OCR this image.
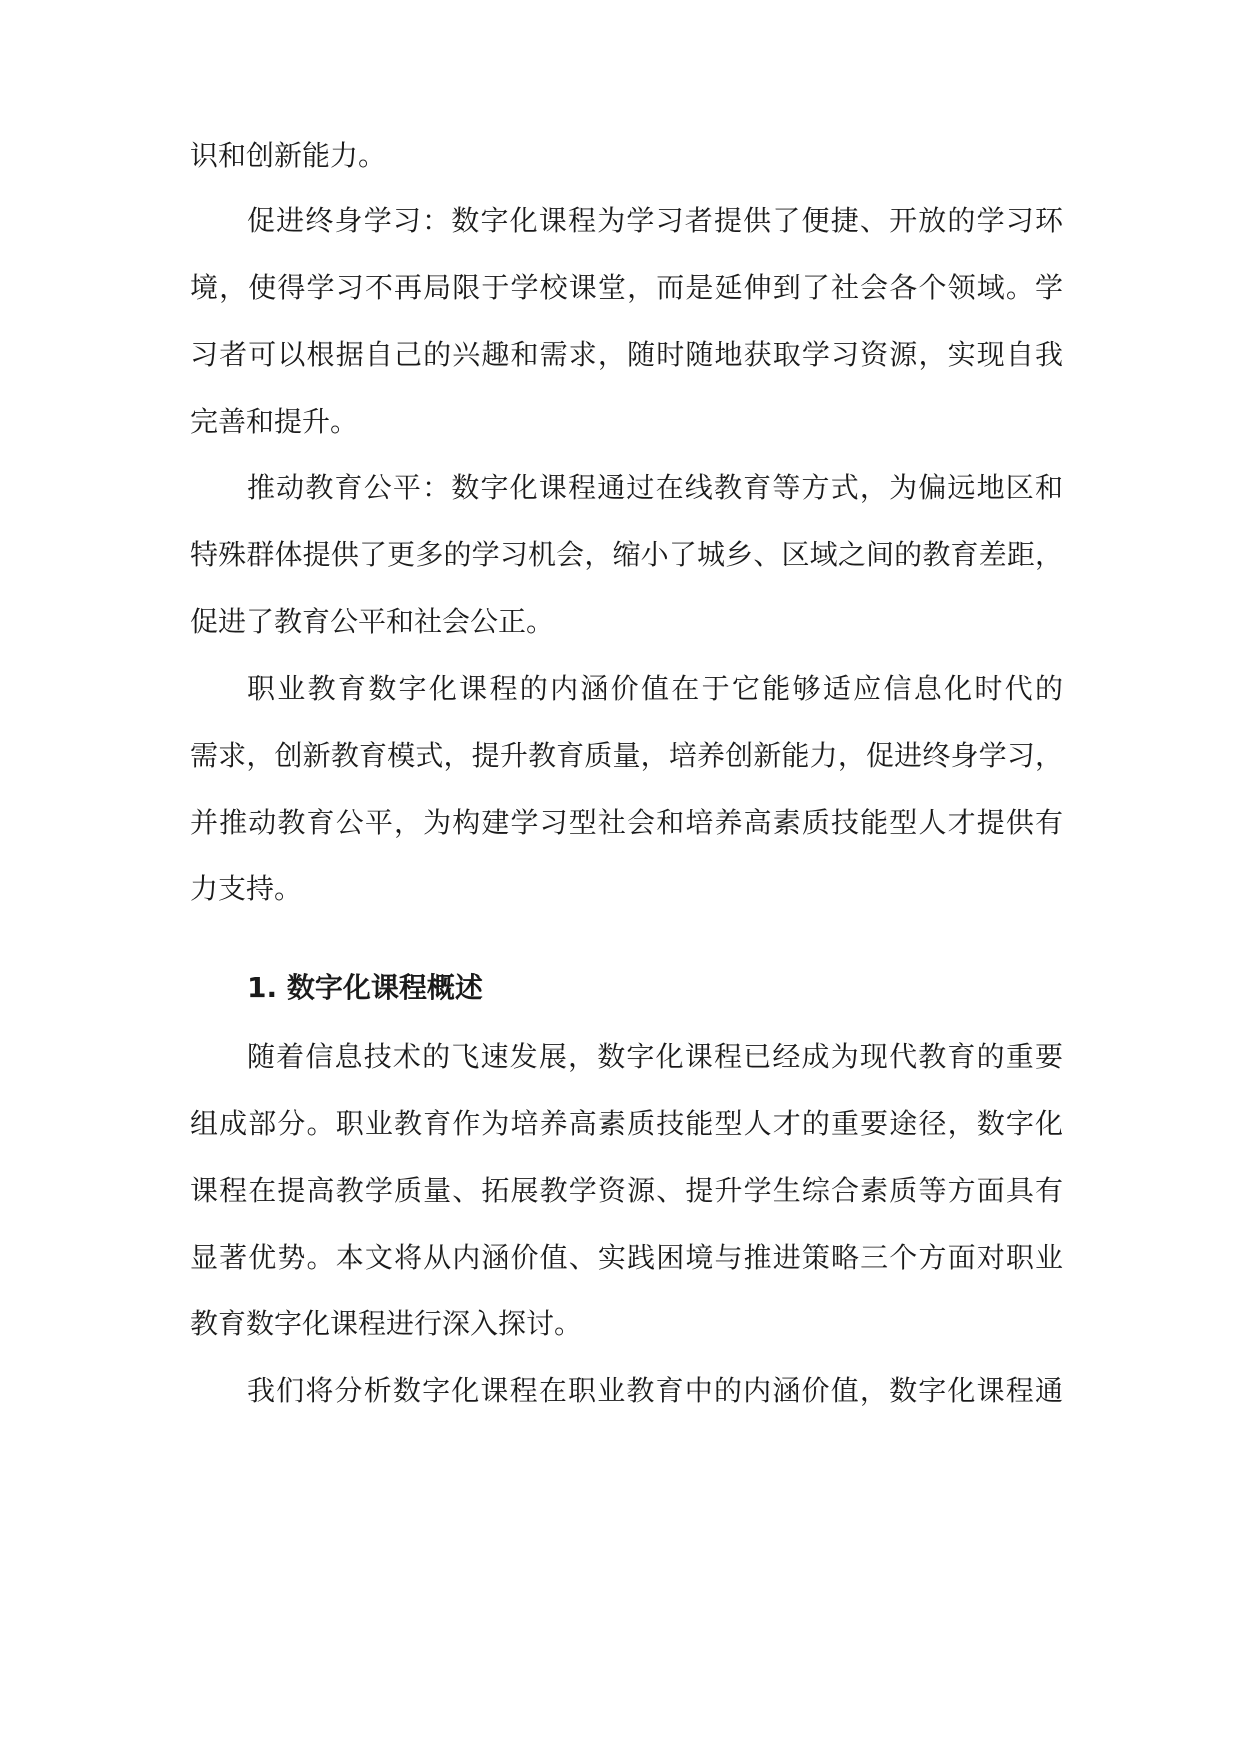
识和创新能力。
促进终身学习：数字化课程为学习者提供了便捷、开放的学习环
境，使得学习不再局限于学校课堂，而是延伸到了社会各个领域。学
习者可以根据自己的兴趣和需求，随时随地获取学习资源，实现自我
完善和提升。
推动教育公平：数字化课程通过在线教育等方式，为偏远地区和
特殊群体提供了更多的学习机会，缩小了城乡、区域之间的教育差距，
促进了教育公平和社会公正。
职业教育数字化课程的内涵价值在于它能够适应信息化时代的
需求，创新教育模式，提升教育质量，培养创新能力，促进终身学习，
并推动教育公平，为构建学习型社会和培养高素质技能型人才提供有
力支持。
1. 数字化课程概述
随着信息技术的飞速发展，数字化课程已经成为现代教育的重要
组成部分。职业教育作为培养高素质技能型人才的重要途径，数字化
课程在提高教学质量、拓展教学资源、提升学生综合素质等方面具有
显著优势。本文将从内涵价值、实践困境与推进策略三个方面对职业
教育数字化课程进行深入探讨。
我们将分析数字化课程在职业教育中的内涵价值，数字化课程通
